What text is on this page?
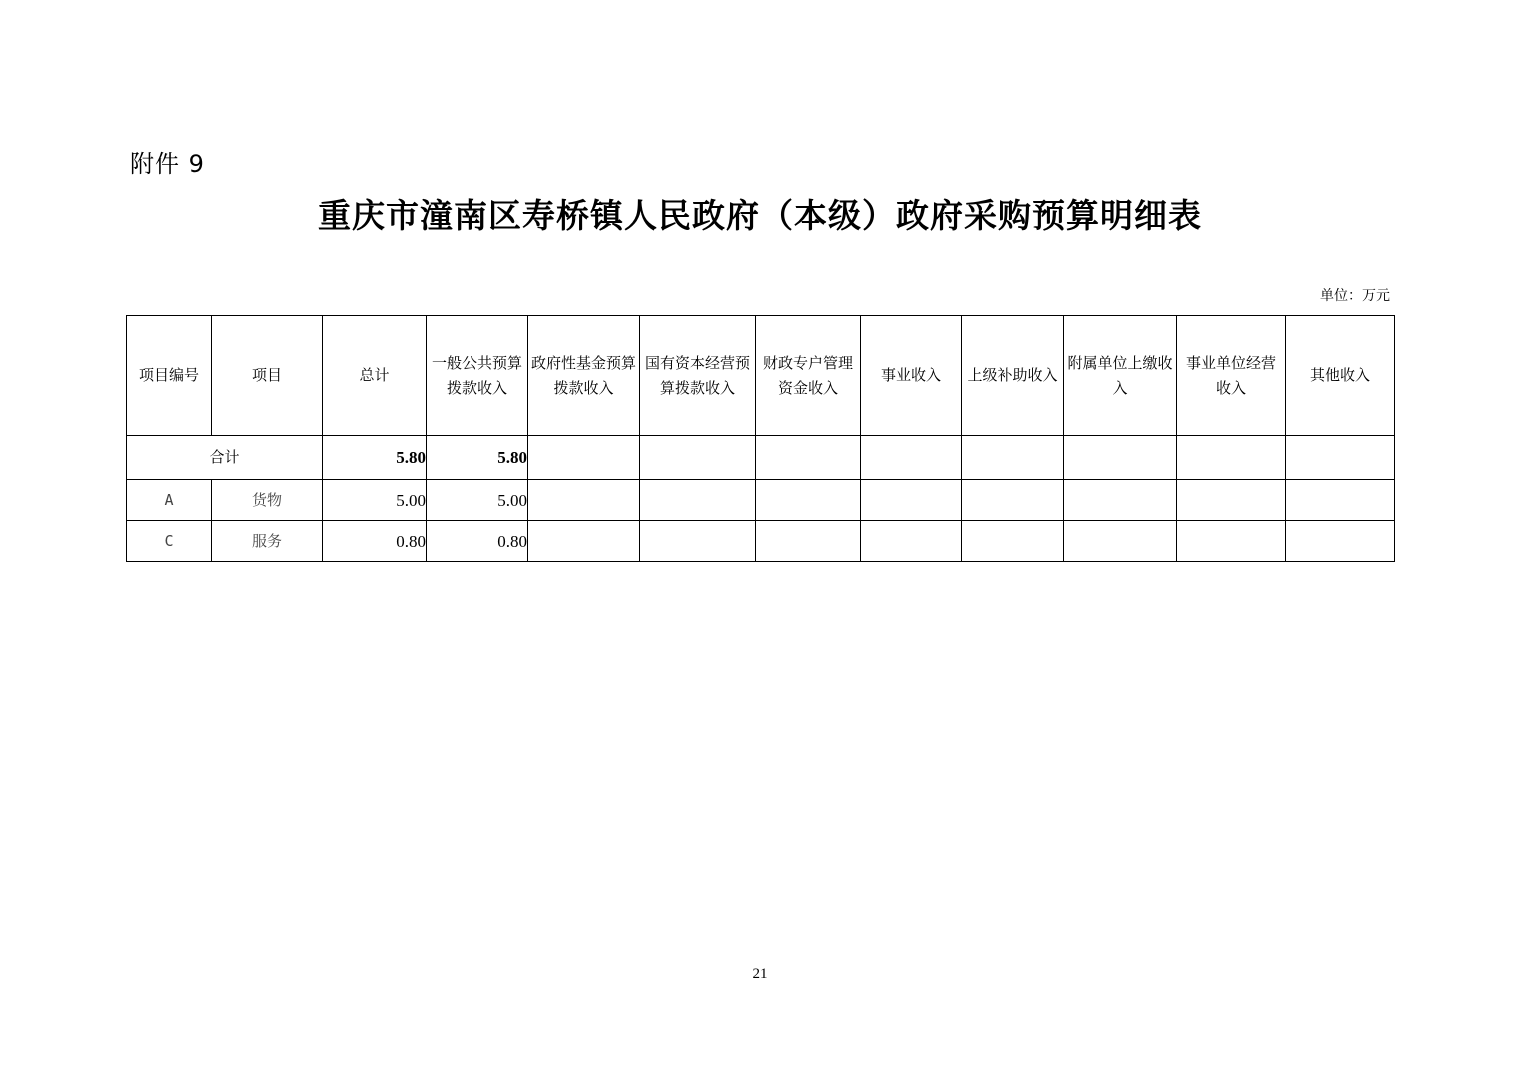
附件 9
重庆市潼南区寿桥镇人民政府（本级）政府采购预算明细表
单位：万元
项目编号	项目	总计	一般公共预算拨款收入	政府性基金预算拨款收入	国有资本经营预算拨款收入	财政专户管理资金收入	事业收入	上级补助收入	附属单位上缴收入	事业单位经营收入	其他收入
合计		5.80	5.80								
A	货物	5.00	5.00								
C	服务	0.80	0.80								
21
